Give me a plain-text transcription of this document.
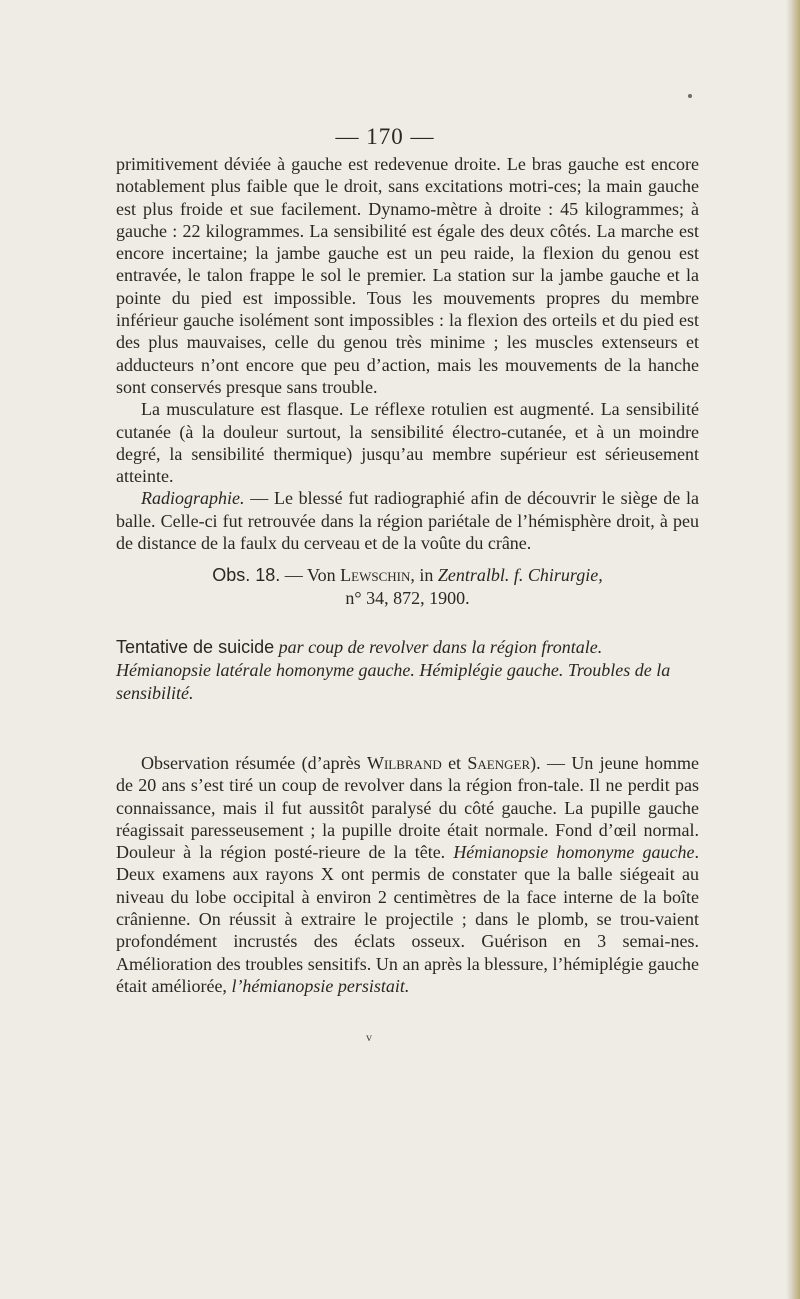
— 170 —

primitivement déviée à gauche est redevenue droite. Le bras gauche est encore notablement plus faible que le droit, sans excitations motri-ces; la main gauche est plus froide et sue facilement. Dynamo-mètre à droite : 45 kilogrammes; à gauche : 22 kilogrammes. La sensibilité est égale des deux côtés. La marche est encore incertaine; la jambe gauche est un peu raide, la flexion du genou est entravée, le talon frappe le sol le premier. La station sur la jambe gauche et la pointe du pied est impossible. Tous les mouvements propres du membre inférieur gauche isolément sont impossibles : la flexion des orteils et du pied est des plus mauvaises, celle du genou très minime ; les muscles extenseurs et adducteurs n’ont encore que peu d’action, mais les mouvements de la hanche sont conservés presque sans trouble.

La musculature est flasque. Le réflexe rotulien est augmenté. La sensibilité cutanée (à la douleur surtout, la sensibilité électro-cutanée, et à un moindre degré, la sensibilité thermique) jusqu’au membre supérieur est sérieusement atteinte.

Radiographie. — Le blessé fut radiographié afin de découvrir le siège de la balle. Celle-ci fut retrouvée dans la région pariétale de l’hémisphère droit, à peu de distance de la faulx du cerveau et de la voûte du crâne.

Obs. 18. — Von Lewschin, in Zentralbl. f. Chirurgie,
n° 34, 872, 1900.
Tentative de suicide par coup de revolver dans la région frontale. Hémianopsie latérale homonyme gauche. Hémiplégie gauche. Troubles de la sensibilité.

Observation résumée (d’après Wilbrand et Saenger). — Un jeune homme de 20 ans s’est tiré un coup de revolver dans la région fron-tale. Il ne perdit pas connaissance, mais il fut aussitôt paralysé du côté gauche. La pupille gauche réagissait paresseusement ; la pupille droite était normale. Fond d’œil normal. Douleur à la région posté-rieure de la tête. Hémianopsie homonyme gauche. Deux examens aux rayons X ont permis de constater que la balle siégeait au niveau du lobe occipital à environ 2 centimètres de la face interne de la boîte crânienne. On réussit à extraire le projectile ; dans le plomb, se trou-vaient profondément incrustés des éclats osseux. Guérison en 3 semai-nes. Amélioration des troubles sensitifs. Un an après la blessure, l’hémiplégie gauche était améliorée, l’hémianopsie persistait.

v
